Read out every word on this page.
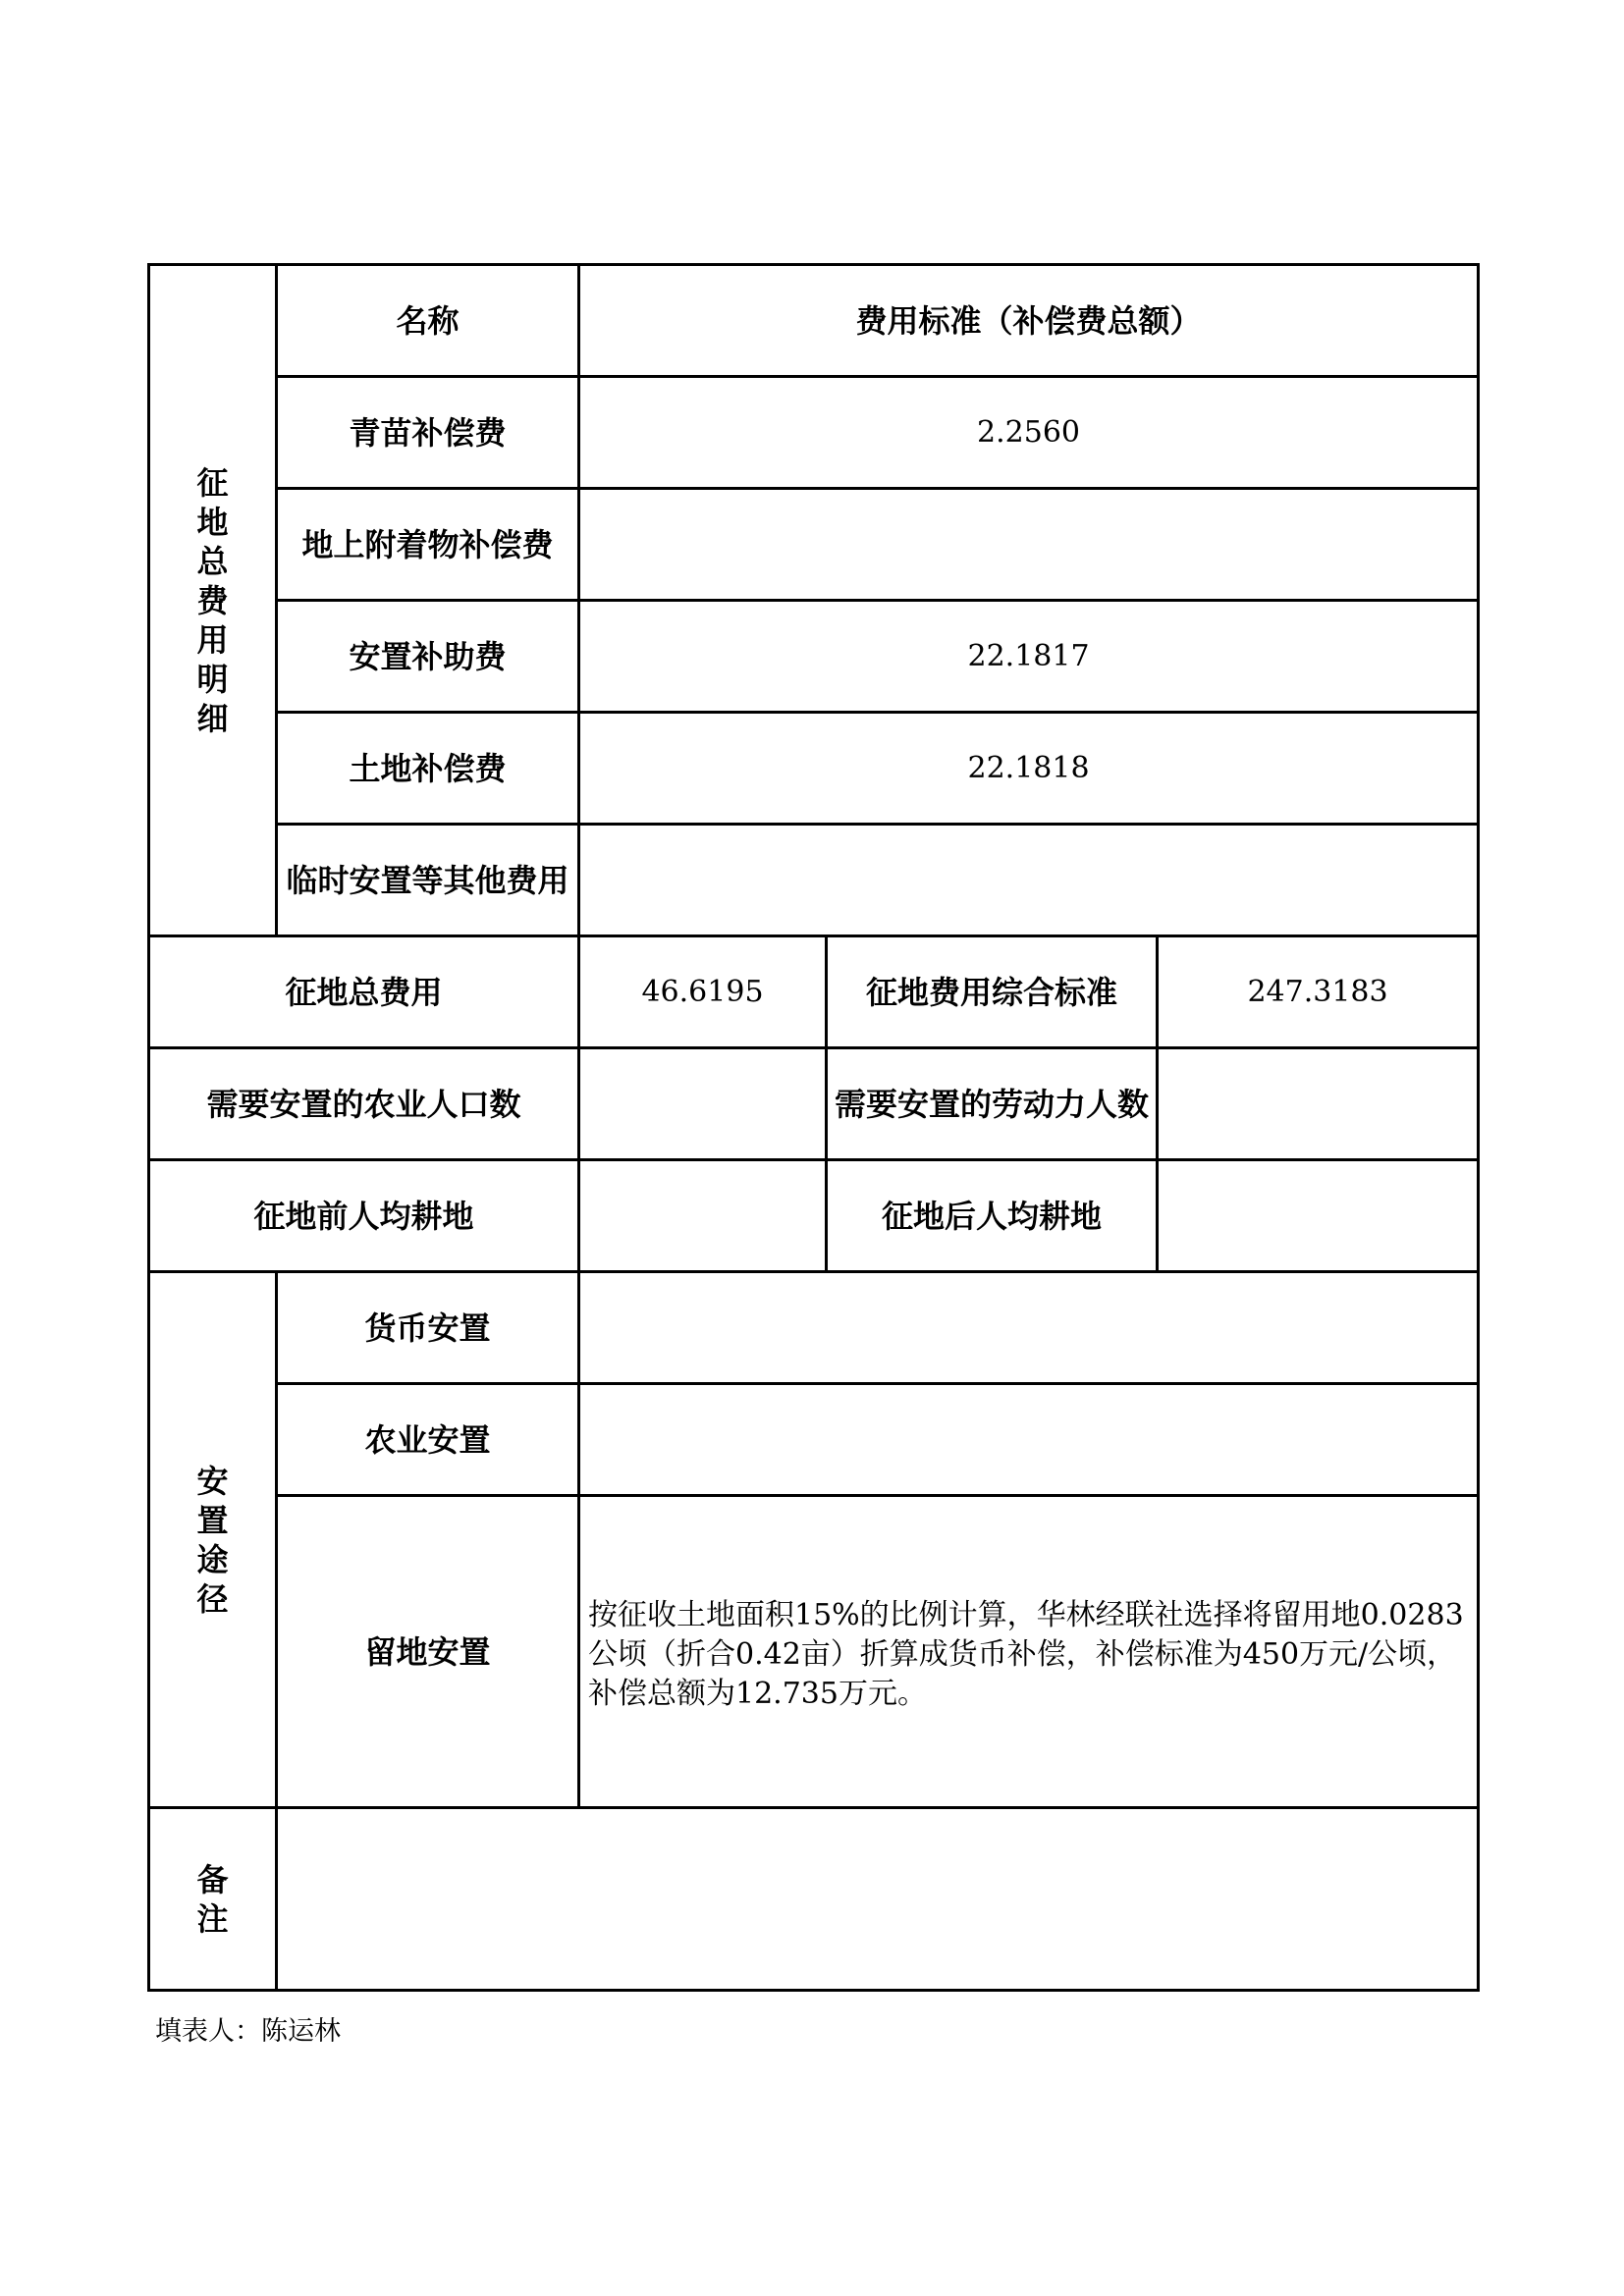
征地总费用明细	名称	费用标准（补偿费总额）		
	青苗补偿费	2.2560		
	地上附着物补偿费			
	安置补助费	22.1817		
	土地补偿费	22.1818		
	临时安置等其他费用			
征地总费用		46.6195	征地费用综合标准	247.3183
需要安置的农业人口数			需要安置的劳动力人数	
征地前人均耕地			征地后人均耕地	

安置途径	货币安置			
	农业安置			
	留地安置	按征收土地面积15%的比例计算，华林经联社选择将留用地0.0283公顷（折合0.42亩）折算成货币补偿，补偿标准为450万元/公顷，补偿总额为12.735万元。		

备注				

填表人：陈运林
